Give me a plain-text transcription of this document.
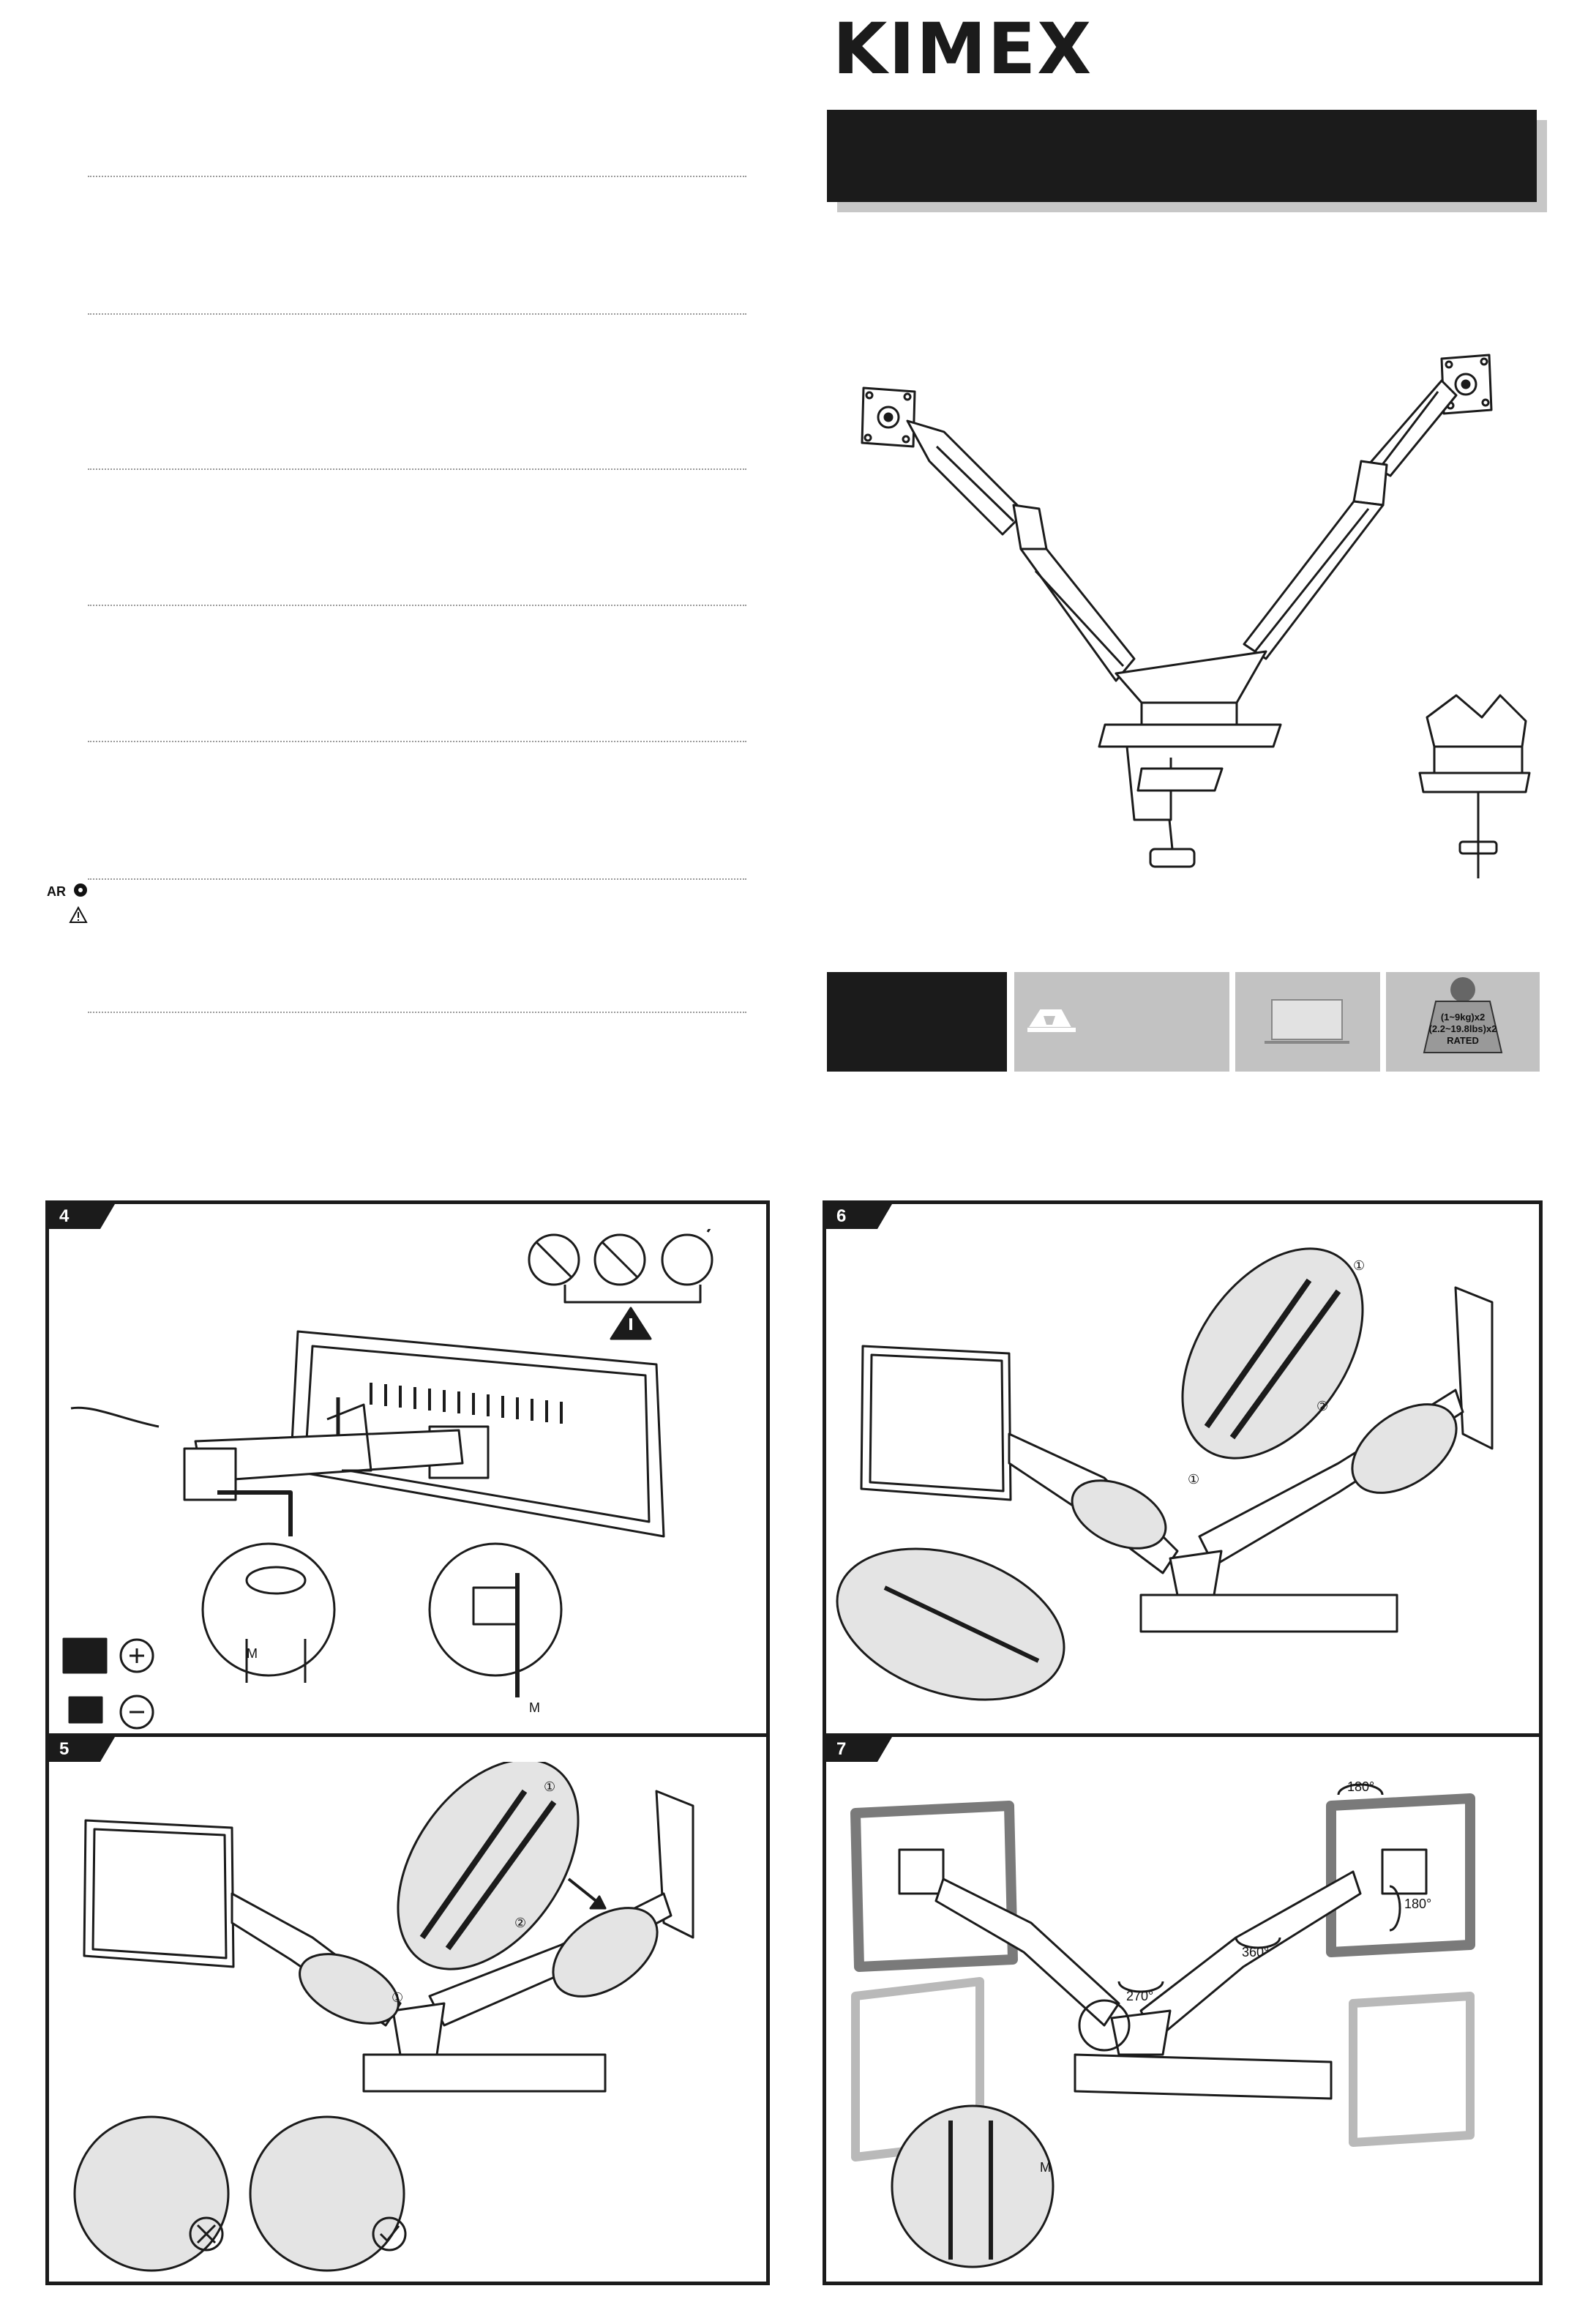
AR
KIMEX
(1~9kg)x2
(2.2~19.8lbs)x2
RATED
4
M
M
5
①
②
①
6
①
②
①
7
180°
180°
360°
270°
M
